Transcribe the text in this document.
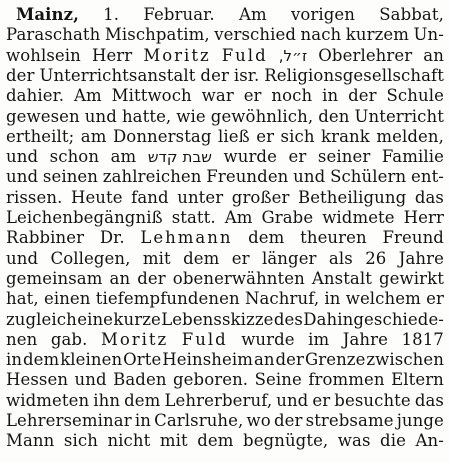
Mainz, 1. Februar. Am vorigen Sabbat,
Paraschath Mischpatim, verschied nach kurzem Un-
wohlsein Herr Moritz Fuld ז״ל, Oberlehrer an
der Unterrichtsanstalt der isr. Religionsgesellschaft
dahier. Am Mittwoch war er noch in der Schule
gewesen und hatte, wie gewöhnlich, den Unterricht
ertheilt; am Donnerstag ließ er sich krank melden,
und schon am שבת קדש wurde er seiner Familie
und seinen zahlreichen Freunden und Schülern ent-
rissen. Heute fand unter großer Betheiligung das
Leichenbegängniß statt. Am Grabe widmete Herr
Rabbiner Dr. Lehmann dem theuren Freund
und Collegen, mit dem er länger als 26 Jahre
gemeinsam an der obenerwähnten Anstalt gewirkt
hat, einen tiefempfundenen Nachruf, in welchem er
zugleich eine kurze Lebensskizze des Dahingeschiede-
nen gab. Moritz Fuld wurde im Jahre 1817
in dem kleinen Orte Heinsheim an der Grenze zwischen
Hessen und Baden geboren. Seine frommen Eltern
widmeten ihn dem Lehrerberuf, und er besuchte das
Lehrerseminar in Carlsruhe, wo der strebsame junge
Mann sich nicht mit dem begnügte, was die An-
